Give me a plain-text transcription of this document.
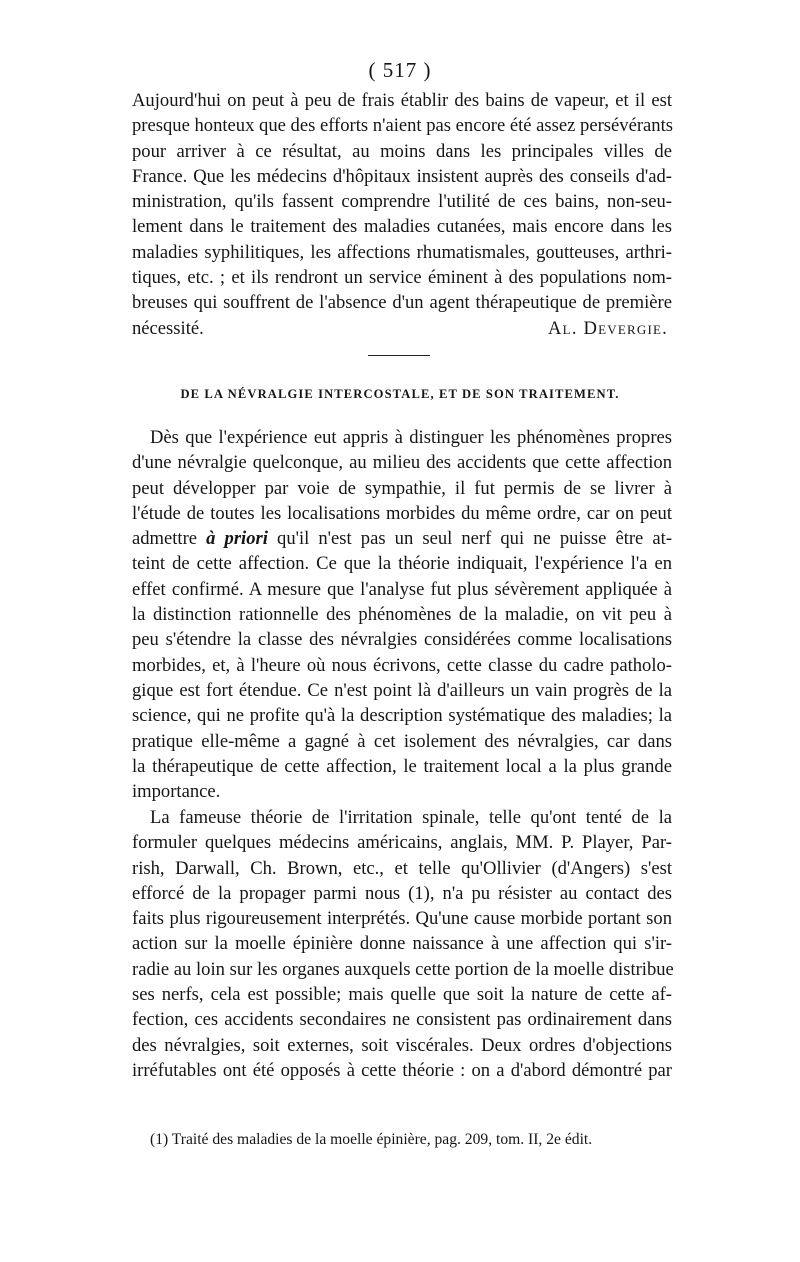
( 517 )
Aujourd'hui on peut à peu de frais établir des bains de vapeur, et il est
presque honteux que des efforts n'aient pas encore été assez persévérants
pour arriver à ce résultat, au moins dans les principales villes de
France. Que les médecins d'hôpitaux insistent auprès des conseils d'ad-
ministration, qu'ils fassent comprendre l'utilité de ces bains, non-seu-
lement dans le traitement des maladies cutanées, mais encore dans les
maladies syphilitiques, les affections rhumatismales, goutteuses, arthri-
tiques, etc. ; et ils rendront un service éminent à des populations nom-
breuses qui souffrent de l'absence d'un agent thérapeutique de première
nécessité.	Al. Devergie.
DE LA NÉVRALGIE INTERCOSTALE, ET DE SON TRAITEMENT.
Dès que l'expérience eut appris à distinguer les phénomènes propres
d'une névralgie quelconque, au milieu des accidents que cette affection
peut développer par voie de sympathie, il fut permis de se livrer à
l'étude de toutes les localisations morbides du même ordre, car on peut
admettre à priori qu'il n'est pas un seul nerf qui ne puisse être at-
teint de cette affection. Ce que la théorie indiquait, l'expérience l'a en
effet confirmé. A mesure que l'analyse fut plus sévèrement appliquée à
la distinction rationnelle des phénomènes de la maladie, on vit peu à
peu s'étendre la classe des névralgies considérées comme localisations
morbides, et, à l'heure où nous écrivons, cette classe du cadre patholo-
gique est fort étendue. Ce n'est point là d'ailleurs un vain progrès de la
science, qui ne profite qu'à la description systématique des maladies; la
pratique elle-même a gagné à cet isolement des névralgies, car dans
la thérapeutique de cette affection, le traitement local a la plus grande
importance.
La fameuse théorie de l'irritation spinale, telle qu'ont tenté de la
formuler quelques médecins américains, anglais, MM. P. Player, Par-
rish, Darwall, Ch. Brown, etc., et telle qu'Ollivier (d'Angers) s'est
efforcé de la propager parmi nous (1), n'a pu résister au contact des
faits plus rigoureusement interprétés. Qu'une cause morbide portant son
action sur la moelle épinière donne naissance à une affection qui s'ir-
radie au loin sur les organes auxquels cette portion de la moelle distribue
ses nerfs, cela est possible; mais quelle que soit la nature de cette af-
fection, ces accidents secondaires ne consistent pas ordinairement dans
des névralgies, soit externes, soit viscérales. Deux ordres d'objections
irréfutables ont été opposés à cette théorie : on a d'abord démontré par
(1) Traité des maladies de la moelle épinière, pag. 209, tom. II, 2e édit.
